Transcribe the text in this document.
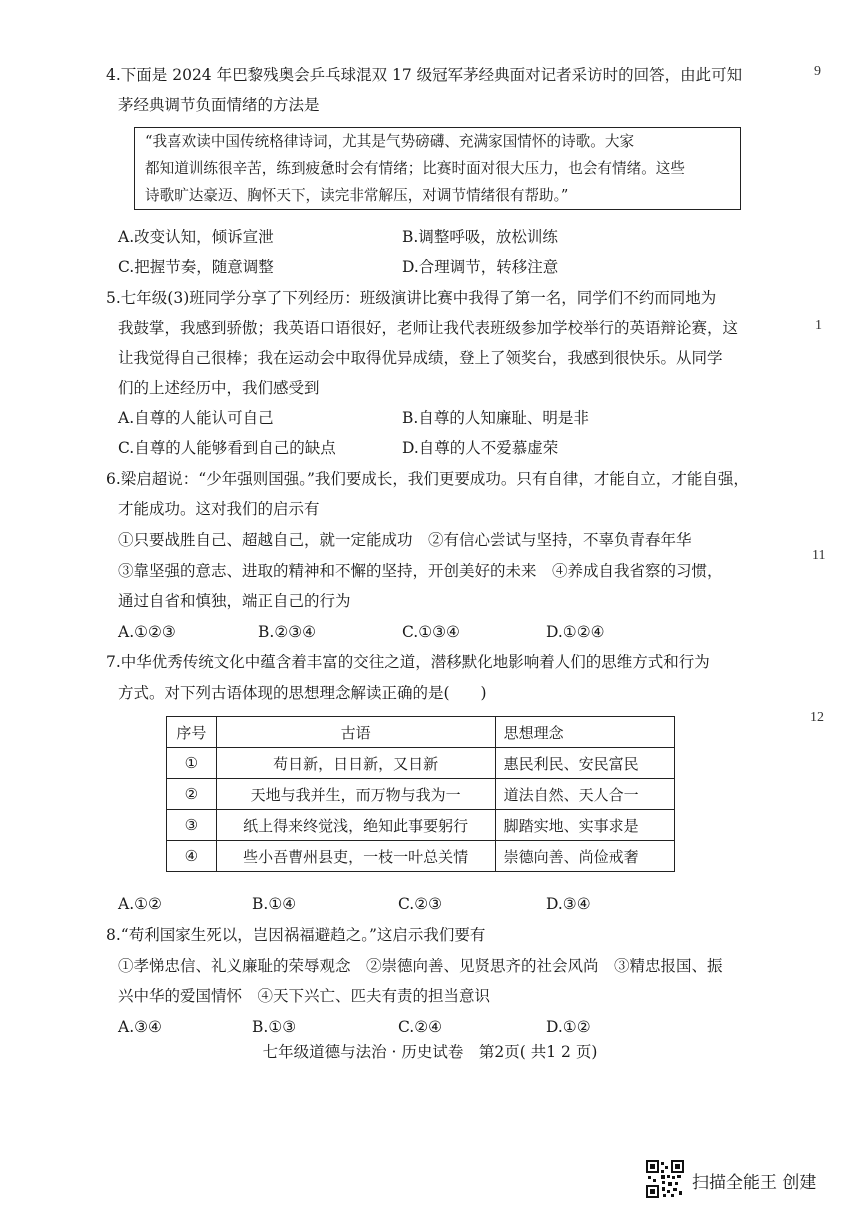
9
1
11
12
4.下面是 2024 年巴黎残奥会乒乓球混双 17 级冠军茅经典面对记者采访时的回答，由此可知
茅经典调节负面情绪的方法是
“我喜欢读中国传统格律诗词，尤其是气势磅礴、充满家国情怀的诗歌。大家
都知道训练很辛苦，练到疲惫时会有情绪；比赛时面对很大压力，也会有情绪。这些
诗歌旷达豪迈、胸怀天下，读完非常解压，对调节情绪很有帮助。”
A.改变认知，倾诉宣泄	B.调整呼吸，放松训练
C.把握节奏，随意调整	D.合理调节，转移注意
5.七年级(3)班同学分享了下列经历：班级演讲比赛中我得了第一名，同学们不约而同地为
我鼓掌，我感到骄傲；我英语口语很好，老师让我代表班级参加学校举行的英语辩论赛，这
让我觉得自己很棒；我在运动会中取得优异成绩，登上了领奖台，我感到很快乐。从同学
们的上述经历中，我们感受到
A.自尊的人能认可自己	B.自尊的人知廉耻、明是非
C.自尊的人能够看到自己的缺点	D.自尊的人不爱慕虚荣
6.梁启超说：“少年强则国强。”我们要成长，我们更要成功。只有自律，才能自立，才能自强，
才能成功。这对我们的启示有
①只要战胜自己、超越自己，就一定能成功　②有信心尝试与坚持，不辜负青春年华
③靠坚强的意志、进取的精神和不懈的坚持，开创美好的未来　④养成自我省察的习惯，
通过自省和慎独，端正自己的行为
A.①②③	B.②③④	C.①③④	D.①②④
7.中华优秀传统文化中蕴含着丰富的交往之道，潜移默化地影响着人们的思维方式和行为
方式。对下列古语体现的思想理念解读正确的是(　　)
序号	古语	思想理念
①	苟日新，日日新，又日新	惠民利民、安民富民
②	天地与我并生，而万物与我为一	道法自然、天人合一
③	纸上得来终觉浅，绝知此事要躬行	脚踏实地、实事求是
④	些小吾曹州县吏，一枝一叶总关情	崇德向善、尚俭戒奢
A.①②	B.①④	C.②③	D.③④
8.“苟利国家生死以，岂因祸福避趋之。”这启示我们要有
①孝悌忠信、礼义廉耻的荣辱观念　②崇德向善、见贤思齐的社会风尚　③精忠报国、振
兴中华的爱国情怀　④天下兴亡、匹夫有责的担当意识
A.③④	B.①③	C.②④	D.①②
七年级道德与法治 · 历史试卷　第2页( 共1 2 页)
扫描全能王 创建
